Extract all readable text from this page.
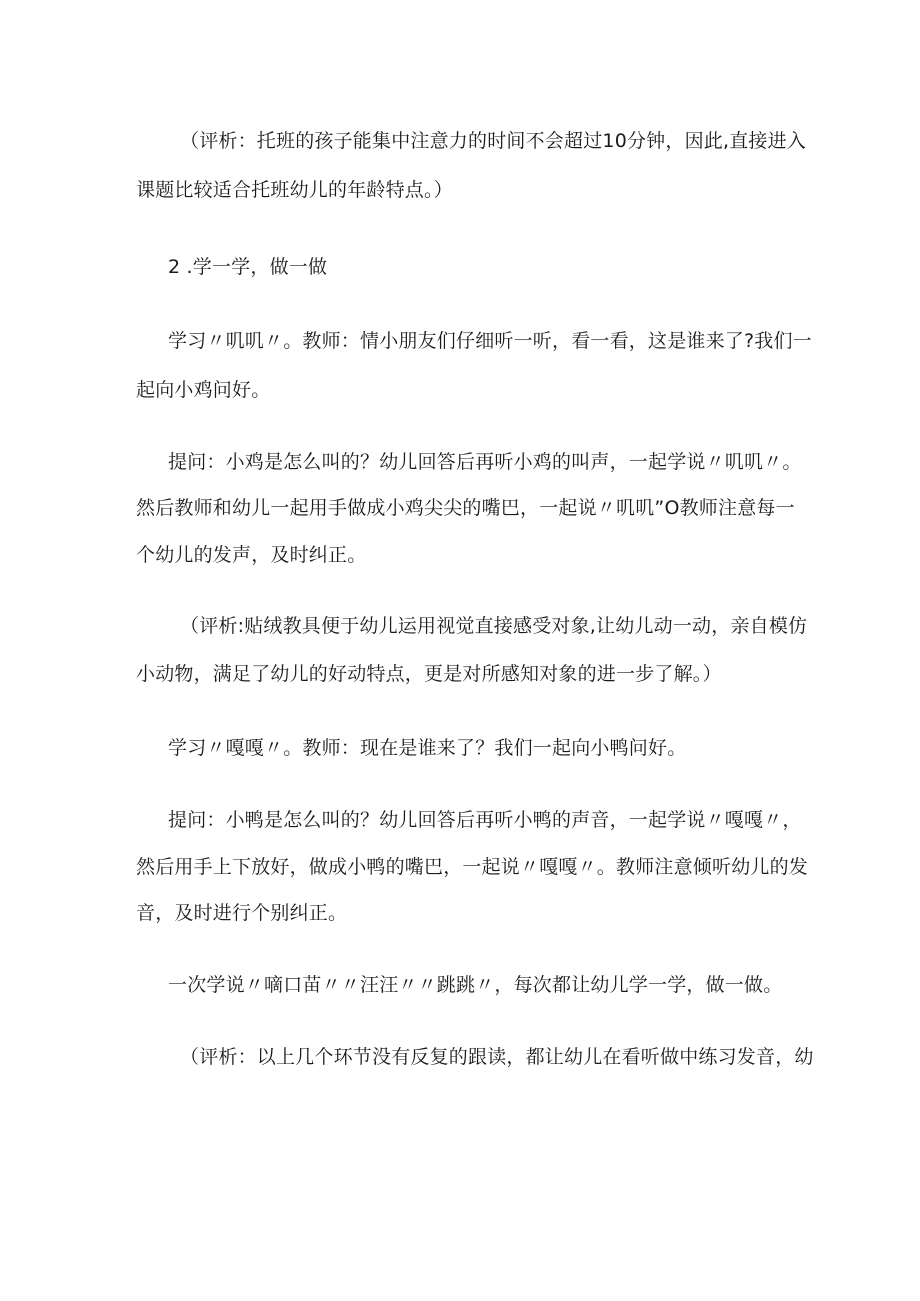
（评析：托班的孩子能集中注意力的时间不会超过10分钟，因此,直接进入
课题比较适合托班幼儿的年龄特点。）
2 .学一学，做一做
学习〃叽叽〃。教师：情小朋友们仔细听一听，看一看，这是谁来了?我们一
起向小鸡问好。
提问：小鸡是怎么叫的？幼儿回答后再听小鸡的叫声，一起学说〃叽叽〃。
然后教师和幼儿一起用手做成小鸡尖尖的嘴巴，一起说〃叽叽”O教师注意每一
个幼儿的发声，及时纠正。
（评析:贴绒教具便于幼儿运用视觉直接感受对象,让幼儿动一动，亲自模仿
小动物，满足了幼儿的好动特点，更是对所感知对象的进一步了解。）
学习〃嘎嘎〃。教师：现在是谁来了？我们一起向小鸭问好。
提问：小鸭是怎么叫的？幼儿回答后再听小鸭的声音，一起学说〃嘎嘎〃，
然后用手上下放好，做成小鸭的嘴巴，一起说〃嘎嘎〃。教师注意倾听幼儿的发
音，及时进行个别纠正。
一次学说〃嘀口苗〃〃汪汪〃〃跳跳〃，每次都让幼儿学一学，做一做。
（评析：以上几个环节没有反复的跟读，都让幼儿在看听做中练习发音，幼
